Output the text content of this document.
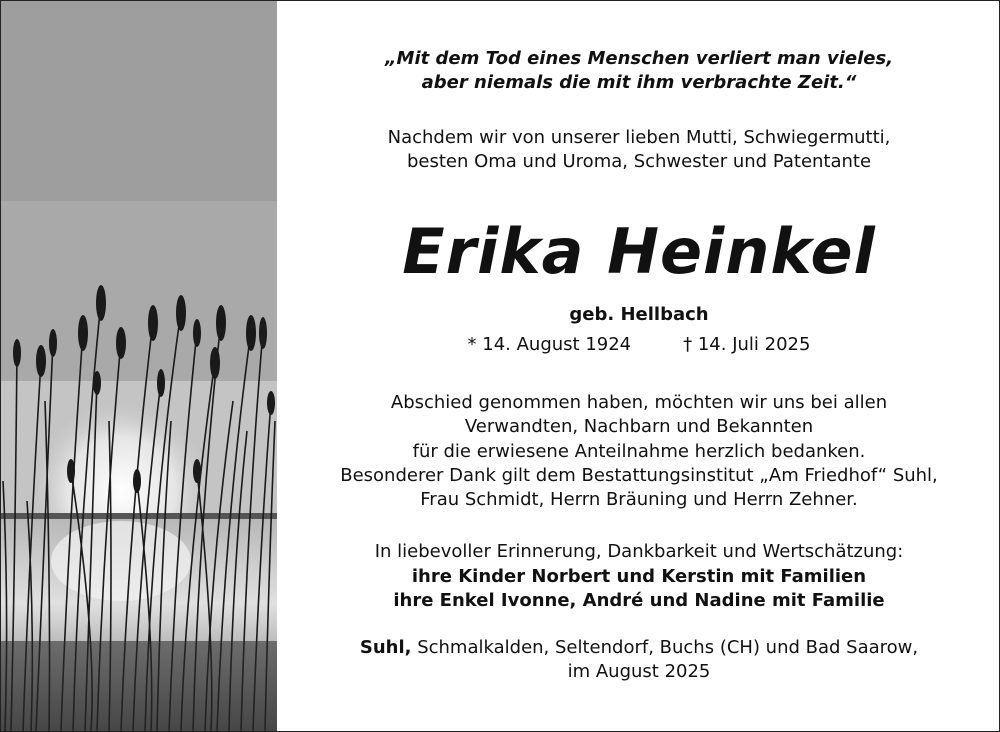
„Mit dem Tod eines Menschen verliert man vieles,
aber niemals die mit ihm verbrachte Zeit.“
Nachdem wir von unserer lieben Mutti, Schwiegermutti,
besten Oma und Uroma, Schwester und Patentante
Erika Heinkel
geb. Hellbach
* 14. August 1924	† 14. Juli 2025
Abschied genommen haben, möchten wir uns bei allen
Verwandten, Nachbarn und Bekannten
für die erwiesene Anteilnahme herzlich bedanken.
Besonderer Dank gilt dem Bestattungsinstitut „Am Friedhof“ Suhl,
Frau Schmidt, Herrn Bräuning und Herrn Zehner.
In liebevoller Erinnerung, Dankbarkeit und Wertschätzung:
ihre Kinder Norbert und Kerstin mit Familien
ihre Enkel Ivonne, André und Nadine mit Familie
Suhl, Schmalkalden, Seltendorf, Buchs (CH) und Bad Saarow,
im August 2025
